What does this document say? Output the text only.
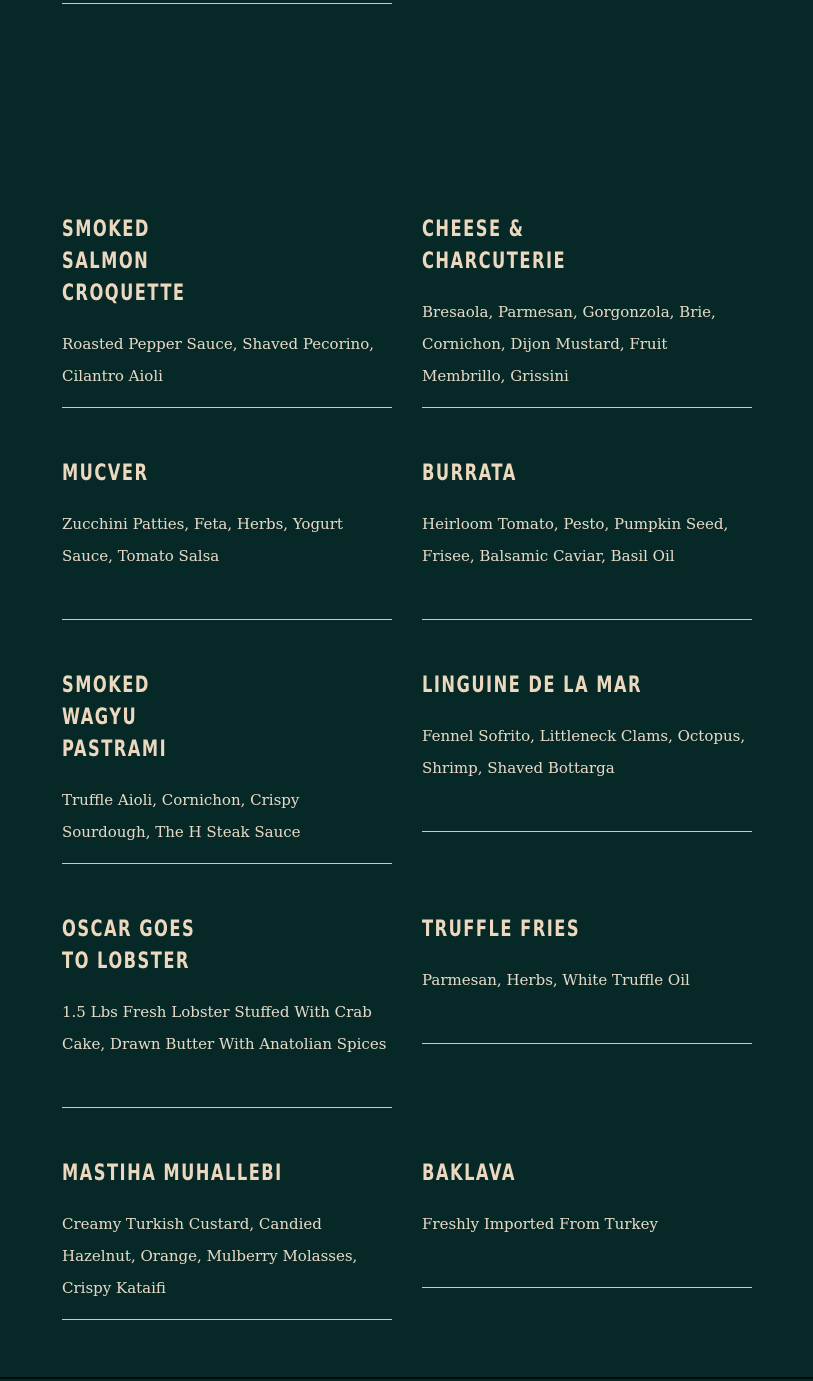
SMOKED SALMON CROQUETTE

Roasted Pepper Sauce, Shaved Pecorino, Cilantro Aioli

CHEESE & CHARCUTERIE

Bresaola, Parmesan, Gorgonzola, Brie, Cornichon, Dijon Mustard, Fruit Membrillo, Grissini

MUCVER

Zucchini Patties, Feta, Herbs, Yogurt Sauce, Tomato Salsa

BURRATA

Heirloom Tomato, Pesto, Pumpkin Seed, Frisee, Balsamic Caviar, Basil Oil

SMOKED WAGYU PASTRAMI

Truffle Aioli, Cornichon, Crispy Sourdough, The H Steak Sauce

LINGUINE DE LA MAR

Fennel Sofrito, Littleneck Clams, Octopus, Shrimp, Shaved Bottarga

OSCAR GOES TO LOBSTER

1.5 Lbs Fresh Lobster Stuffed With Crab Cake, Drawn Butter With Anatolian Spices

TRUFFLE FRIES

Parmesan, Herbs, White Truffle Oil

MASTIHA MUHALLEBI

Creamy Turkish Custard, Candied Hazelnut, Orange, Mulberry Molasses, Crispy Kataifi

BAKLAVA

Freshly Imported From Turkey
